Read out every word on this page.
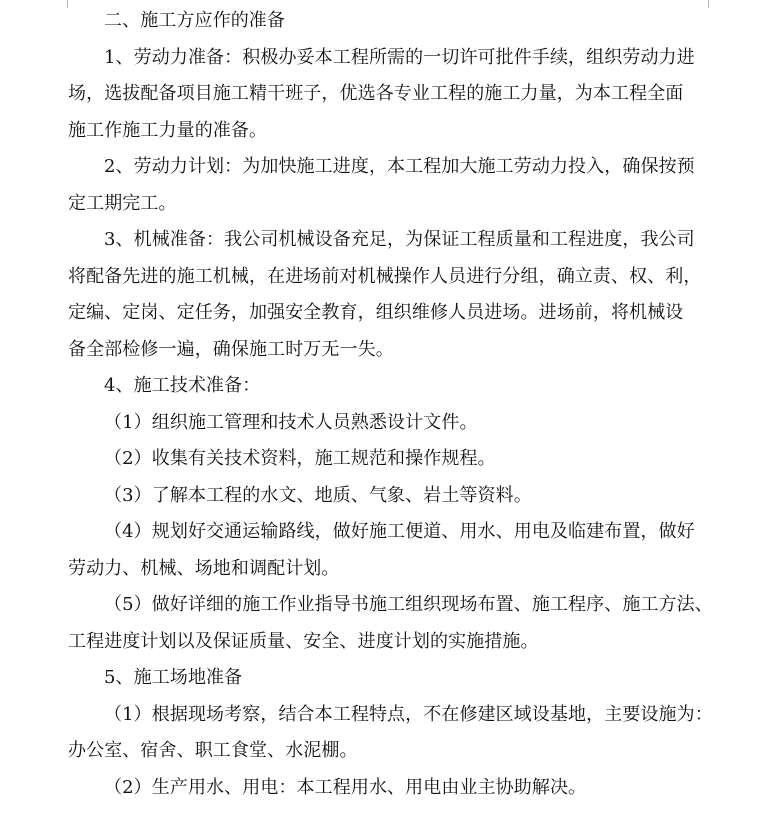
二、施工方应作的准备
1、劳动力准备：积极办妥本工程所需的一切许可批件手续，组织劳动力进
场，选拔配备项目施工精干班子，优选各专业工程的施工力量，为本工程全面
施工作施工力量的准备。
2、劳动力计划：为加快施工进度，本工程加大施工劳动力投入，确保按预
定工期完工。
3、机械准备：我公司机械设备充足，为保证工程质量和工程进度，我公司
将配备先进的施工机械，在进场前对机械操作人员进行分组，确立责、权、利，
定编、定岗、定任务，加强安全教育，组织维修人员进场。进场前，将机械设
备全部检修一遍，确保施工时万无一失。
4、施工技术准备：
（1）组织施工管理和技术人员熟悉设计文件。
（2）收集有关技术资料，施工规范和操作规程。
（3）了解本工程的水文、地质、气象、岩土等资料。
（4）规划好交通运输路线，做好施工便道、用水、用电及临建布置，做好
劳动力、机械、场地和调配计划。
（5）做好详细的施工作业指导书施工组织现场布置、施工程序、施工方法、
工程进度计划以及保证质量、安全、进度计划的实施措施。
5、施工场地准备
（1）根据现场考察，结合本工程特点，不在修建区域设基地，主要设施为：
办公室、宿舍、职工食堂、水泥棚。
（2）生产用水、用电：本工程用水、用电由业主协助解决。
